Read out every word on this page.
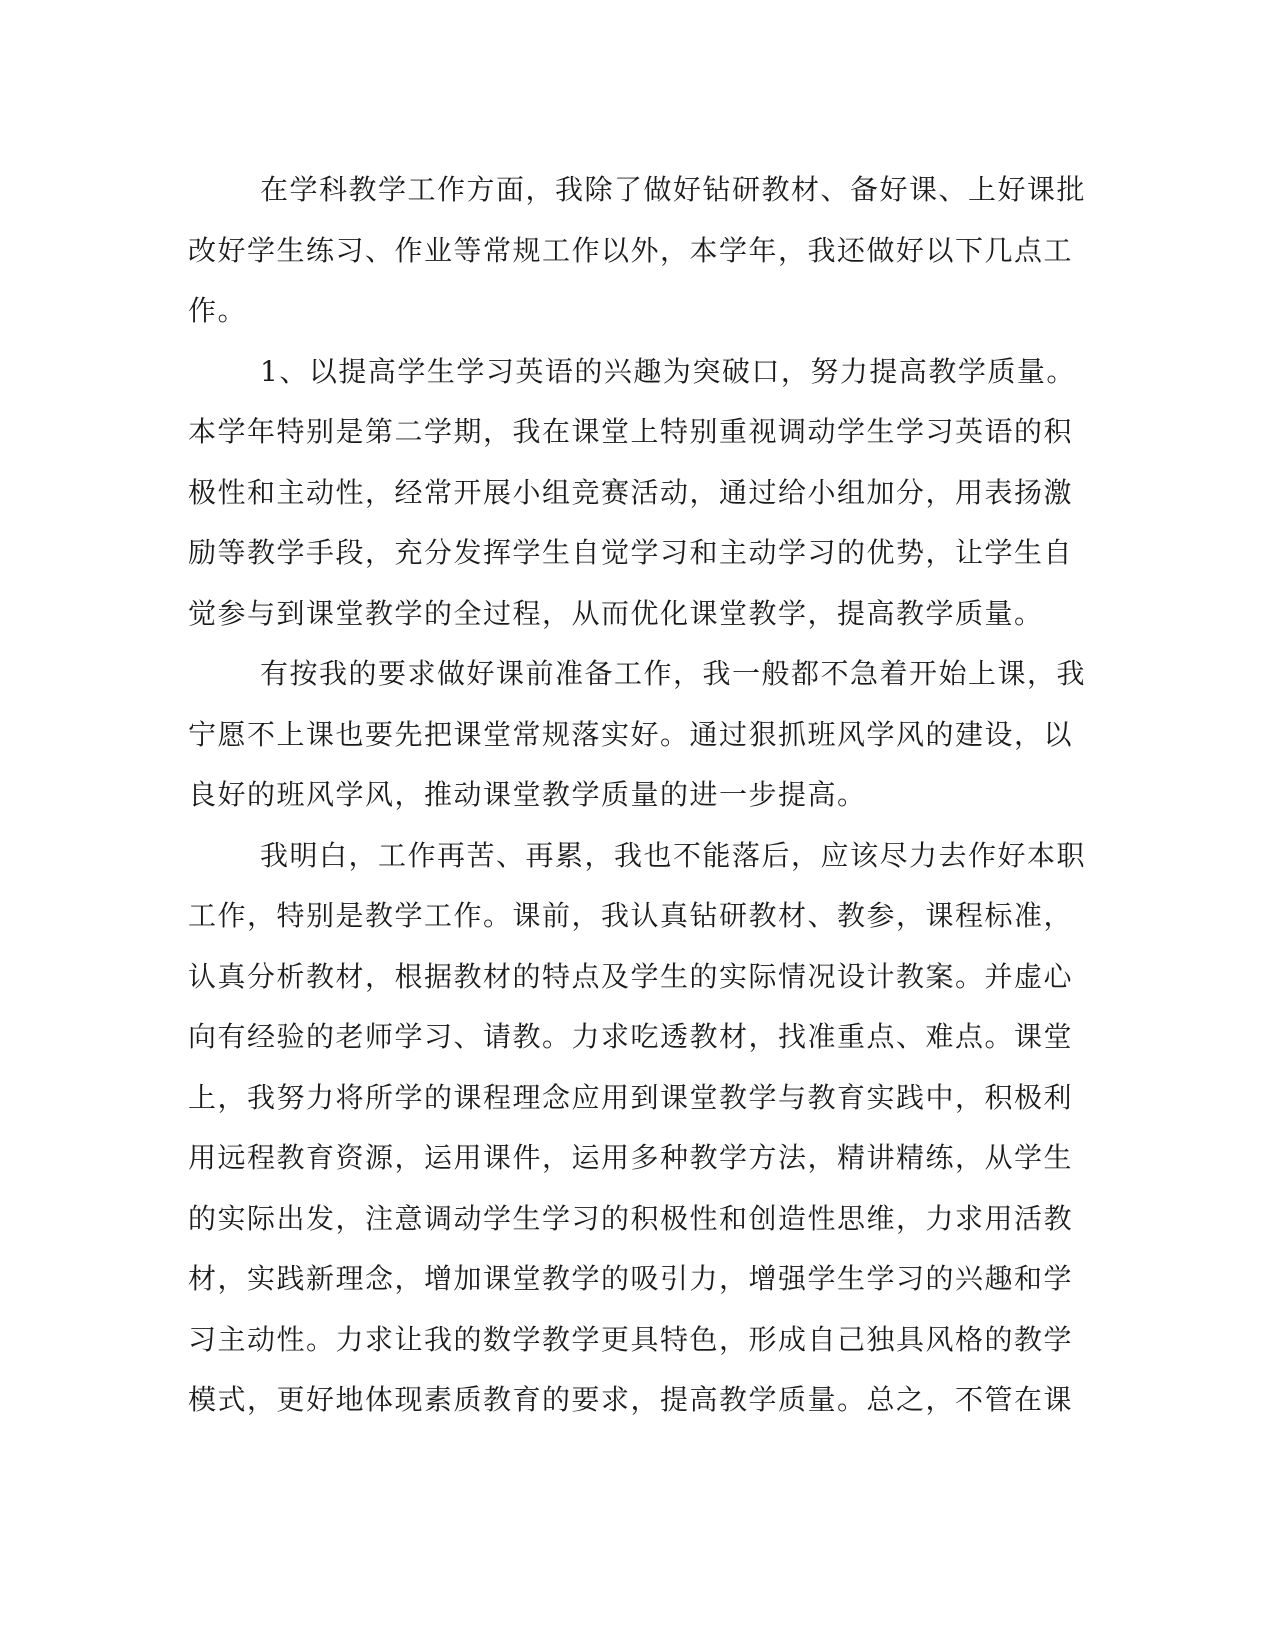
在学科教学工作方面，我除了做好钻研教材、备好课、上好课批
改好学生练习、作业等常规工作以外，本学年，我还做好以下几点工
作。

1、以提高学生学习英语的兴趣为突破口，努力提高教学质量。
本学年特别是第二学期，我在课堂上特别重视调动学生学习英语的积
极性和主动性，经常开展小组竞赛活动，通过给小组加分，用表扬激
励等教学手段，充分发挥学生自觉学习和主动学习的优势，让学生自
觉参与到课堂教学的全过程，从而优化课堂教学，提高教学质量。

有按我的要求做好课前准备工作，我一般都不急着开始上课，我
宁愿不上课也要先把课堂常规落实好。通过狠抓班风学风的建设，以
良好的班风学风，推动课堂教学质量的进一步提高。

我明白，工作再苦、再累，我也不能落后，应该尽力去作好本职
工作，特别是教学工作。课前，我认真钻研教材、教参，课程标准，
认真分析教材，根据教材的特点及学生的实际情况设计教案。并虚心
向有经验的老师学习、请教。力求吃透教材，找准重点、难点。课堂
上，我努力将所学的课程理念应用到课堂教学与教育实践中，积极利
用远程教育资源，运用课件，运用多种教学方法，精讲精练，从学生
的实际出发，注意调动学生学习的积极性和创造性思维，力求用活教
材，实践新理念，增加课堂教学的吸引力，增强学生学习的兴趣和学
习主动性。力求让我的数学教学更具特色，形成自己独具风格的教学
模式，更好地体现素质教育的要求，提高教学质量。总之，不管在课
